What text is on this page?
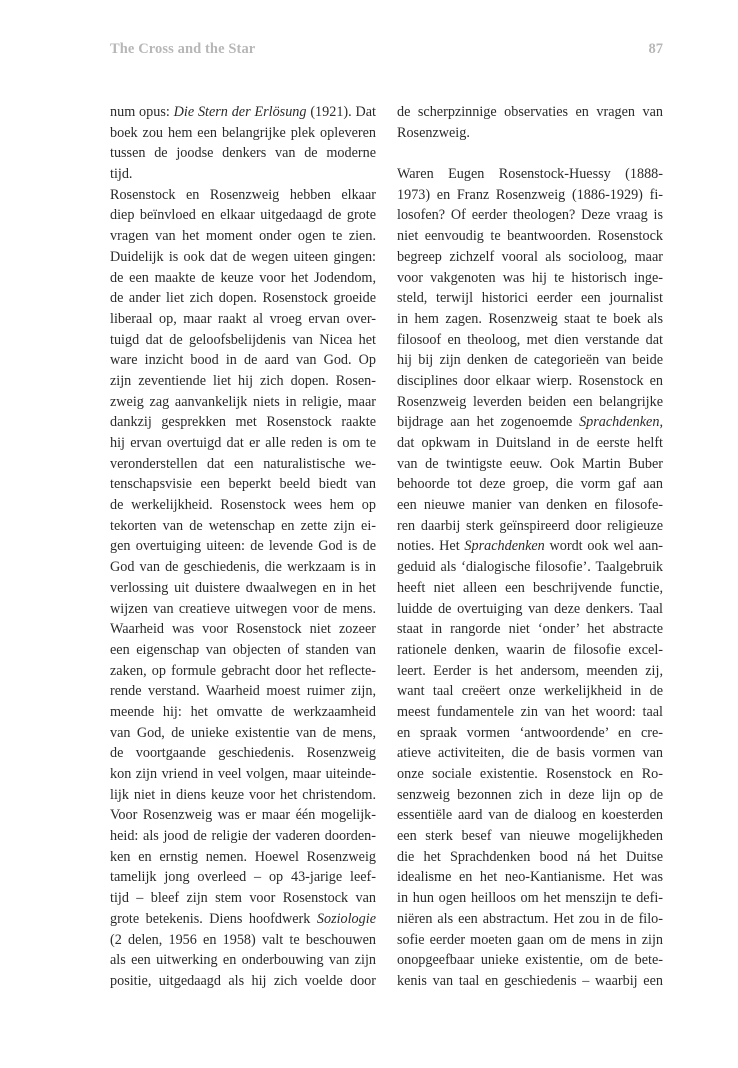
The Cross and the Star	87
num opus: Die Stern der Erlösung (1921). Dat
boek zou hem een belangrijke plek opleveren
tussen de joodse denkers van de moderne
tijd.
Rosenstock en Rosenzweig hebben elkaar
diep beïnvloed en elkaar uitgedaagd de grote
vragen van het moment onder ogen te zien.
Duidelijk is ook dat de wegen uiteen gingen:
de een maakte de keuze voor het Jodendom,
de ander liet zich dopen. Rosenstock groeide
liberaal op, maar raakt al vroeg ervan over-
tuigd dat de geloofsbelijdenis van Nicea het
ware inzicht bood in de aard van God. Op
zijn zeventiende liet hij zich dopen. Rosen-
zweig zag aanvankelijk niets in religie, maar
dankzij gesprekken met Rosenstock raakte
hij ervan overtuigd dat er alle reden is om te
veronderstellen dat een naturalistische we-
tenschapsvisie een beperkt beeld biedt van
de werkelijkheid. Rosenstock wees hem op
tekorten van de wetenschap en zette zijn ei-
gen overtuiging uiteen: de levende God is de
God van de geschiedenis, die werkzaam is in
verlossing uit duistere dwaalwegen en in het
wijzen van creatieve uitwegen voor de mens.
Waarheid was voor Rosenstock niet zozeer
een eigenschap van objecten of standen van
zaken, op formule gebracht door het reflecte-
rende verstand. Waarheid moest ruimer zijn,
meende hij: het omvatte de werkzaamheid
van God, de unieke existentie van de mens,
de voortgaande geschiedenis. Rosenzweig
kon zijn vriend in veel volgen, maar uiteinde-
lijk niet in diens keuze voor het christendom.
Voor Rosenzweig was er maar één mogelijk-
heid: als jood de religie der vaderen doorden-
ken en ernstig nemen. Hoewel Rosenzweig
tamelijk jong overleed – op 43-jarige leef-
tijd – bleef zijn stem voor Rosenstock van
grote betekenis. Diens hoofdwerk Soziologie
(2 delen, 1956 en 1958) valt te beschouwen
als een uitwerking en onderbouwing van zijn
positie, uitgedaagd als hij zich voelde door
de scherpzinnige observaties en vragen van
Rosenzweig.
Waren Eugen Rosenstock-Huessy (1888-
1973) en Franz Rosenzweig (1886-1929) fi-
losofen? Of eerder theologen? Deze vraag is
niet eenvoudig te beantwoorden. Rosenstock
begreep zichzelf vooral als socioloog, maar
voor vakgenoten was hij te historisch inge-
steld, terwijl historici eerder een journalist
in hem zagen. Rosenzweig staat te boek als
filosoof en theoloog, met dien verstande dat
hij bij zijn denken de categorieën van beide
disciplines door elkaar wierp. Rosenstock en
Rosenzweig leverden beiden een belangrijke
bijdrage aan het zogenoemde Sprachdenken,
dat opkwam in Duitsland in de eerste helft
van de twintigste eeuw. Ook Martin Buber
behoorde tot deze groep, die vorm gaf aan
een nieuwe manier van denken en filosofe-
ren daarbij sterk geïnspireerd door religieuze
noties. Het Sprachdenken wordt ook wel aan-
geduid als ‘dialogische filosofie’. Taalgebruik
heeft niet alleen een beschrijvende functie,
luidde de overtuiging van deze denkers. Taal
staat in rangorde niet ‘onder’ het abstracte
rationele denken, waarin de filosofie excel-
leert. Eerder is het andersom, meenden zij,
want taal creëert onze werkelijkheid in de
meest fundamentele zin van het woord: taal
en spraak vormen ‘antwoordende’ en cre-
atieve activiteiten, die de basis vormen van
onze sociale existentie. Rosenstock en Ro-
senzweig bezonnen zich in deze lijn op de
essentiële aard van de dialoog en koesterden
een sterk besef van nieuwe mogelijkheden
die het Sprachdenken bood ná het Duitse
idealisme en het neo-Kantianisme. Het was
in hun ogen heilloos om het menszijn te defi-
niëren als een abstractum. Het zou in de filo-
sofie eerder moeten gaan om de mens in zijn
onopgeefbaar unieke existentie, om de bete-
kenis van taal en geschiedenis – waarbij een
